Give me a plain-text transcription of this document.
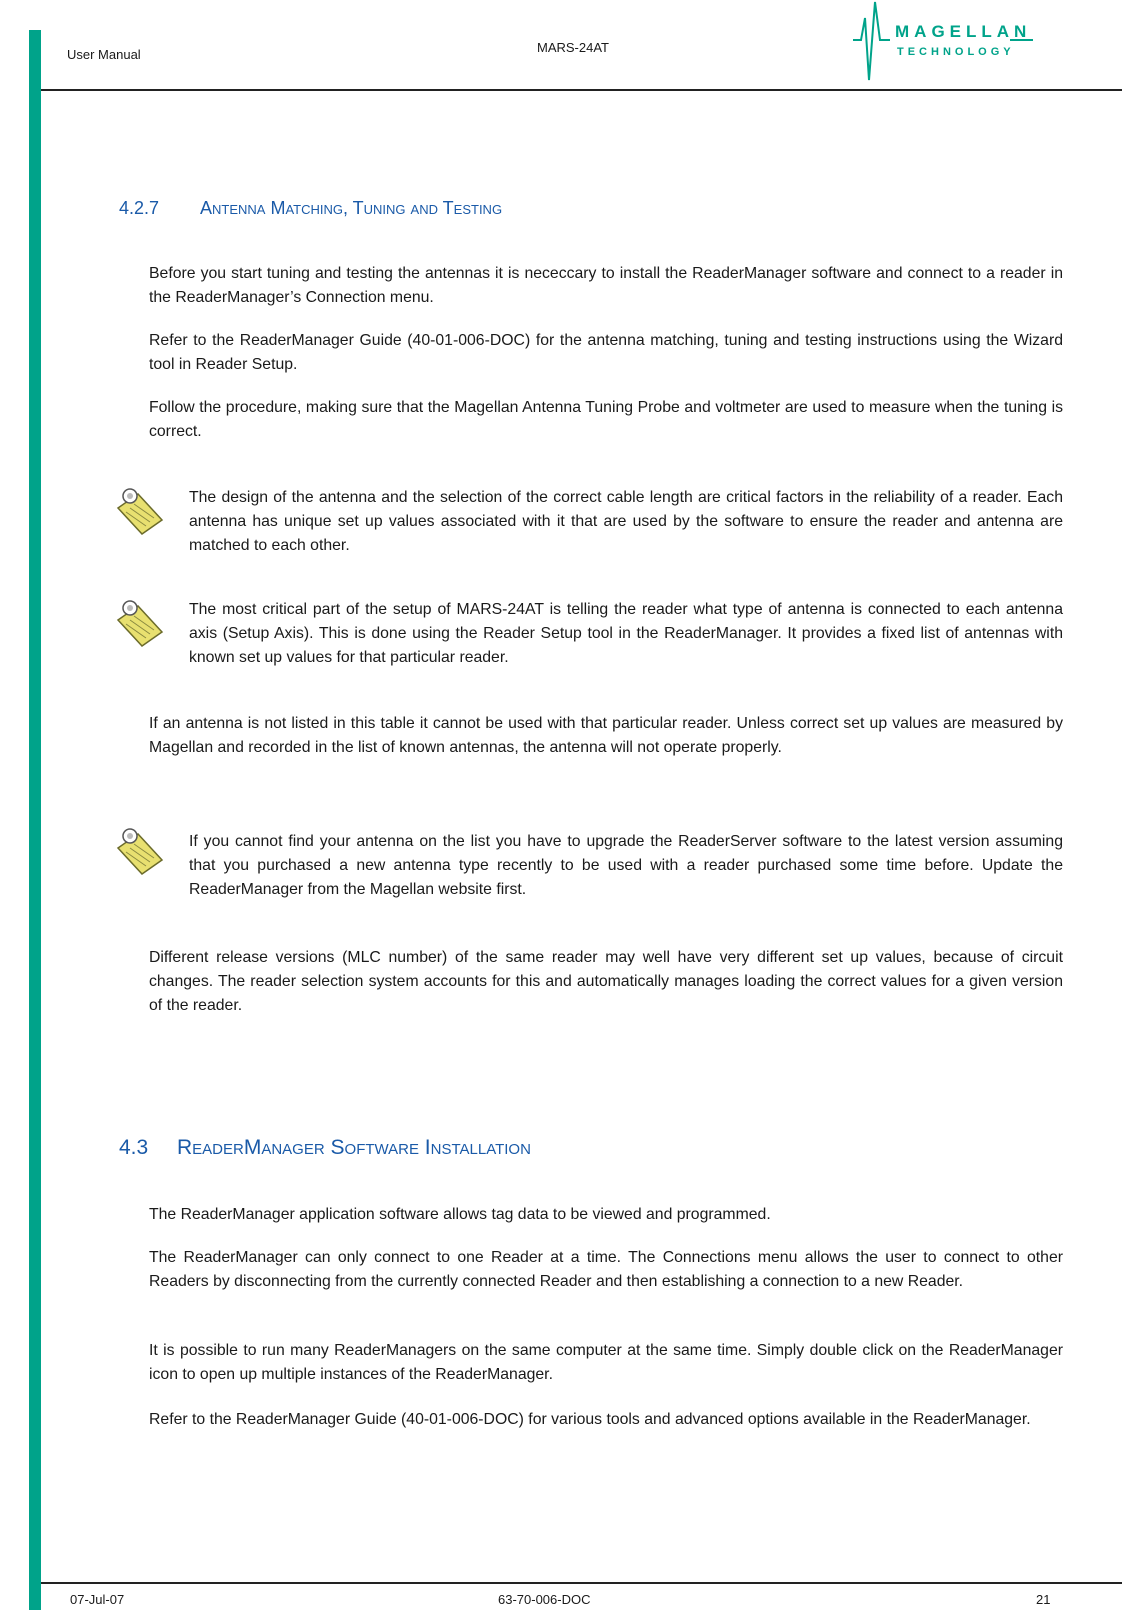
User Manual	MARS-24AT
MAGELLAN
TECHNOLOGY
4.2.7 Antenna Matching, Tuning and Testing

Before you start tuning and testing the antennas it is nececcary to install the ReaderManager software and connect to a reader in the ReaderManager’s Connection menu.

Refer to the ReaderManager Guide (40-01-006-DOC) for the antenna matching, tuning and testing instructions using the Wizard tool in Reader Setup.

Follow the procedure, making sure that the Magellan Antenna Tuning Probe and voltmeter are used to measure when the tuning is correct.

The design of the antenna and the selection of the correct cable length are critical factors in the reliability of a reader. Each antenna has unique set up values associated with it that are used by the software to ensure the reader and antenna are matched to each other.

The most critical part of the setup of MARS-24AT is telling the reader what type of antenna is connected to each antenna axis (Setup Axis). This is done using the Reader Setup tool in the ReaderManager. It provides a fixed list of antennas with known set up values for that particular reader.

If an antenna is not listed in this table it cannot be used with that particular reader. Unless correct set up values are measured by Magellan and recorded in the list of known antennas, the antenna will not operate properly.

If you cannot find your antenna on the list you have to upgrade the ReaderServer software to the latest version assuming that you purchased a new antenna type recently to be used with a reader purchased some time before. Update the ReaderManager from the Magellan website first.

Different release versions (MLC number) of the same reader may well have very different set up values, because of circuit changes. The reader selection system accounts for this and automatically manages loading the correct values for a given version of the reader.

4.3 ReaderManager Software Installation

The ReaderManager application software allows tag data to be viewed and programmed.

The ReaderManager can only connect to one Reader at a time. The Connections menu allows the user to connect to other Readers by disconnecting from the currently connected Reader and then establishing a connection to a new Reader.

It is possible to run many ReaderManagers on the same computer at the same time. Simply double click on the ReaderManager icon to open up multiple instances of the ReaderManager.

Refer to the ReaderManager Guide (40-01-006-DOC) for various tools and advanced options available in the ReaderManager.

07-Jul-07	63-70-006-DOC	21
